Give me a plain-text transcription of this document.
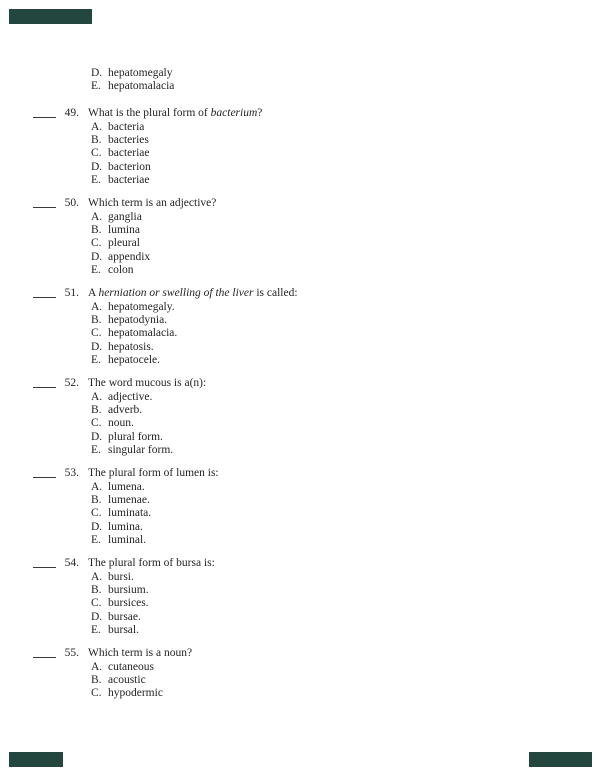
D. hepatomegaly
E. hepatomalacia
49. What is the plural form of bacterium?
A. bacteria
B. bacteries
C. bacteriae
D. bacterion
E. bacteriae
50. Which term is an adjective?
A. ganglia
B. lumina
C. pleural
D. appendix
E. colon
51. A herniation or swelling of the liver is called:
A. hepatomegaly.
B. hepatodynia.
C. hepatomalacia.
D. hepatosis.
E. hepatocele.
52. The word mucous is a(n):
A. adjective.
B. adverb.
C. noun.
D. plural form.
E. singular form.
53. The plural form of lumen is:
A. lumena.
B. lumenae.
C. luminata.
D. lumina.
E. luminal.
54. The plural form of bursa is:
A. bursi.
B. bursium.
C. bursices.
D. bursae.
E. bursal.
55. Which term is a noun?
A. cutaneous
B. acoustic
C. hypodermic
